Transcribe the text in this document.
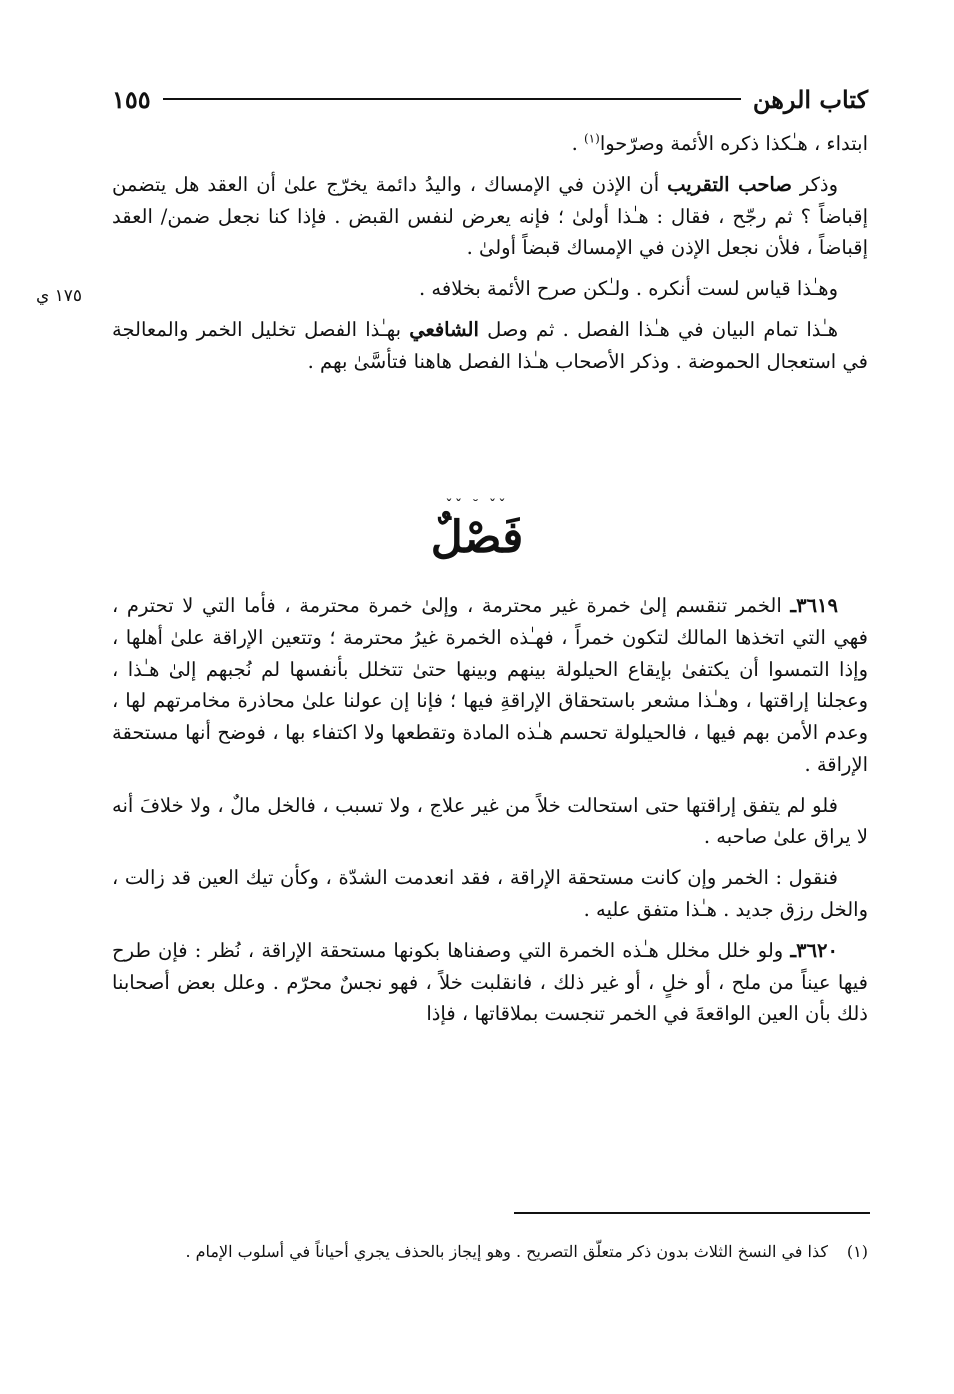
كتاب الرهن
١٥٥
١٧٥ ي

ابتداء ، هـٰكذا ذكره الأئمة وصرّحوا$^{(١)}$ .

وذكر صاحب التقريب أن الإذن في الإمساك ، واليدُ دائمة يخرّج علىٰ أن العقد هل يتضمن إقباضاً ؟ ثم رجّح ، فقال : هـٰذا أولىٰ ؛ فإنه يعرض لنفس القبض . فإذا كنا نجعل ضمن/ العقد إقباضاً ، فلأن نجعل الإذن في الإمساك قبضاً أولىٰ .

وهـٰذا قياس لست أنكره . ولـٰكن صرح الأئمة بخلافه .

هـٰذا تمام البيان في هـٰذا الفصل . ثم وصل الشافعي بهـٰذا الفصل تخليل الخمر والمعالجة في استعجال الحموضة . وذكر الأصحاب هـٰذا الفصل هاهنا فتأسَّىٰ بهم .

ˇˇ ˘ ˇˇ
فَصْلٌ

٣٦١٩ـ الخمر تنقسم إلىٰ خمرة غير محترمة ، وإلىٰ خمرة محترمة ، فأما التي لا تحترم ، فهي التي اتخذها المالك لتكون خمراً ، فهـٰذه الخمرة غيرُ محترمة ؛ وتتعين الإراقة علىٰ أهلها ، وإذا التمسوا أن يكتفىٰ بإيقاع الحيلولة بينهم وبينها حتىٰ تتخلل بأنفسها لم نُجبهم إلىٰ هـٰذا ، وعجلنا إراقتها ، وهـٰذا مشعر باستحقاق الإراقةِ فيها ؛ فإنا إن عولنا علىٰ محاذرة مخامرتهم لها ، وعدم الأمن بهم فيها ، فالحيلولة تحسم هـٰذه المادة وتقطعها ولا اكتفاء بها ، فوضح أنها مستحقة الإراقة .

فلو لم يتفق إراقتها حتى استحالت خلاً من غير علاج ، ولا تسبب ، فالخل مالٌ ، ولا خلافَ أنه لا يراق علىٰ صاحبه .

فنقول : الخمر وإن كانت مستحقة الإراقة ، فقد انعدمت الشدّة ، وكأن تيك العين قد زالت ، والخل رزق جديد . هـٰذا متفق عليه .

٣٦٢٠ـ ولو خلل مخلل هـٰذه الخمرة التي وصفناها بكونها مستحقة الإراقة ، نُظر : فإن طرح فيها عيناً من ملح ، أو خلٍ ، أو غير ذلك ، فانقلبت خلاً ، فهو نجسٌ محرّم . وعلل بعض أصحابنا ذلك بأن العين الواقعةَ في الخمر تنجست بملاقاتها ، فإذا

(١)كذا في النسخ الثلاث بدون ذكر متعلّق التصريح . وهو إيجاز بالحذف يجري أحياناً في أسلوب الإمام .
